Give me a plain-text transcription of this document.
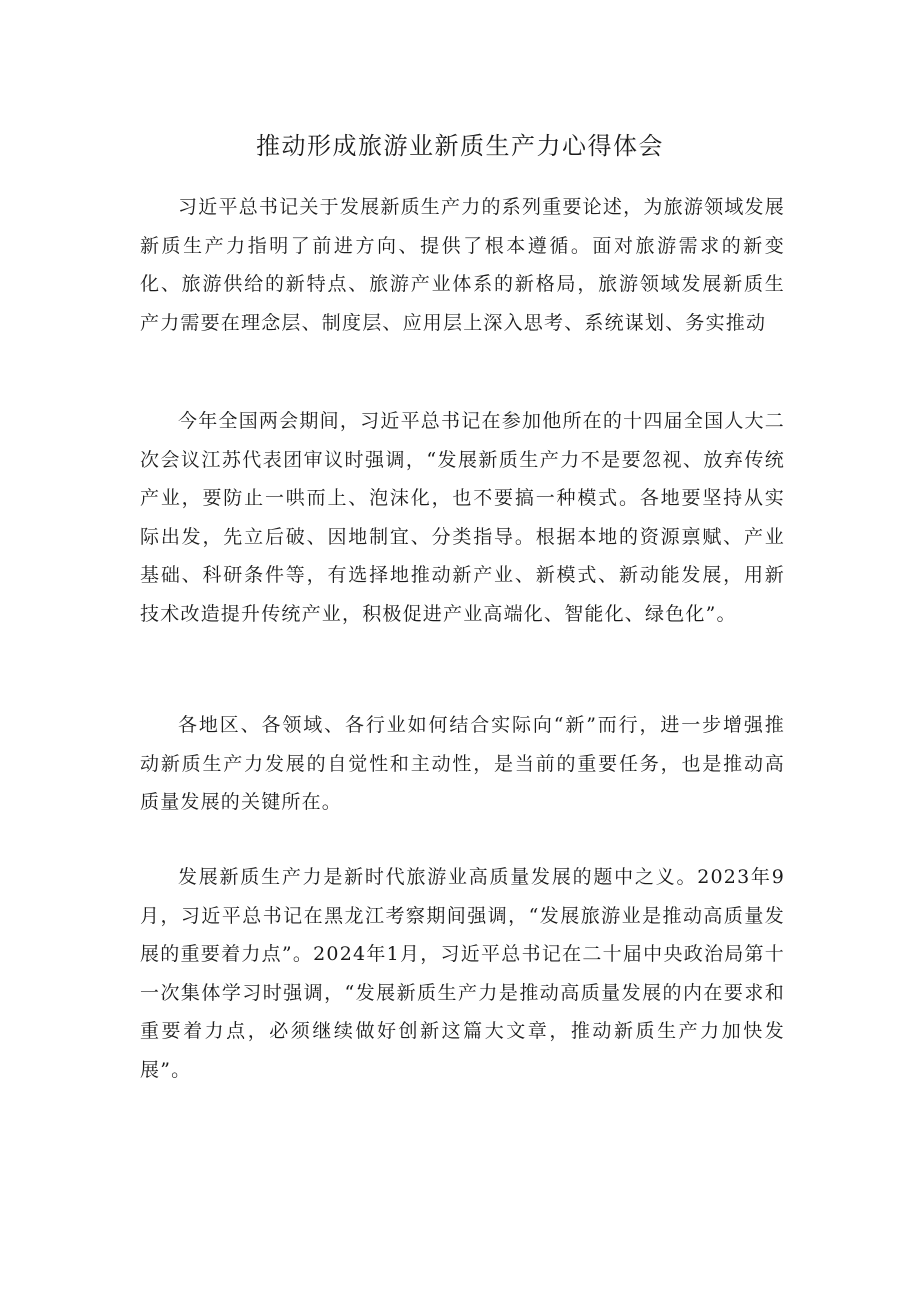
推动形成旅游业新质生产力心得体会

习近平总书记关于发展新质生产力的系列重要论述，为旅游领域发展新质生产力指明了前进方向、提供了根本遵循。面对旅游需求的新变化、旅游供给的新特点、旅游产业体系的新格局，旅游领域发展新质生产力需要在理念层、制度层、应用层上深入思考、系统谋划、务实推动

今年全国两会期间，习近平总书记在参加他所在的十四届全国人大二次会议江苏代表团审议时强调，“发展新质生产力不是要忽视、放弃传统产业，要防止一哄而上、泡沫化，也不要搞一种模式。各地要坚持从实际出发，先立后破、因地制宜、分类指导。根据本地的资源禀赋、产业基础、科研条件等，有选择地推动新产业、新模式、新动能发展，用新技术改造提升传统产业，积极促进产业高端化、智能化、绿色化”。

各地区、各领域、各行业如何结合实际向“新”而行，进一步增强推动新质生产力发展的自觉性和主动性，是当前的重要任务，也是推动高质量发展的关键所在。

发展新质生产力是新时代旅游业高质量发展的题中之义。2023年9月，习近平总书记在黑龙江考察期间强调，“发展旅游业是推动高质量发展的重要着力点”。2024年1月，习近平总书记在二十届中央政治局第十一次集体学习时强调，“发展新质生产力是推动高质量发展的内在要求和重要着力点，必须继续做好创新这篇大文章，推动新质生产力加快发展”。
